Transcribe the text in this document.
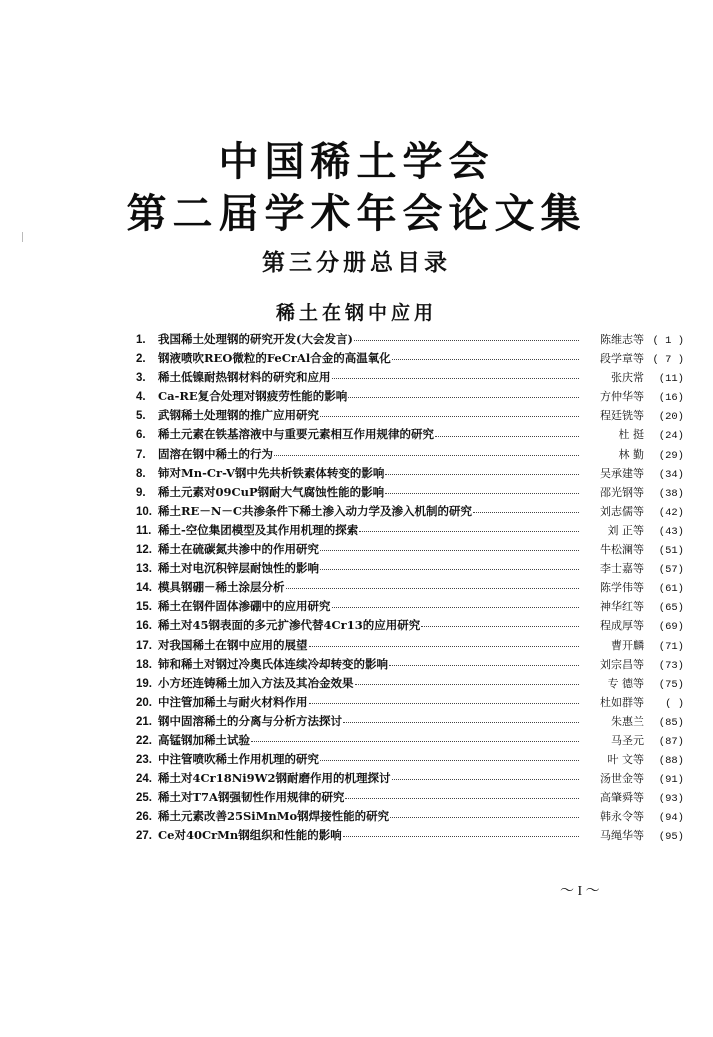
中国稀土学会
第二届学术年会论文集
第三分册总目录
稀土在钢中应用
1.	我国稀土处理钢的研究开发(大会发言)	陈维志等 ( 1 )
2.	钢液喷吹REO微粒的FeCrAl合金的高温氧化	段学章等 ( 7 )
3.	稀土低镍耐热钢材料的研究和应用	张庆常	(11)
4.	Ca-RE复合处理对钢疲劳性能的影响	方仲华等	(16)
5.	武钢稀土处理钢的推广应用研究	程廷铣等	(20)
6.	稀土元素在铁基溶液中与重要元素相互作用规律的研究	杜 挺	(24)
7.	固溶在钢中稀土的行为	林 勤	(29)
8.	铈对Mn-Cr-V钢中先共析铁素体转变的影响	吴承建等	(34)
9.	稀土元素对09CuP钢耐大气腐蚀性能的影响	邵光钢等	(38)
10. 稀土RE－N－C共渗条件下稀土渗入动力学及渗入机制的研究	刘志儒等	(42)
11. 稀土-空位集团模型及其作用机理的探索	刘 正等	(43)
12. 稀土在硫碳氮共渗中的作用研究	牛松澜等	(51)
13. 稀土对电沉积锌层耐蚀性的影响	李士嘉等	(57)
14. 模具钢硼－稀土涂层分析	陈学伟等	(61)
15. 稀土在钢件固体渗硼中的应用研究	神华红等	(65)
16. 稀土对45钢表面的多元扩渗代替4Cr13的应用研究	程成厚等	(69)
17. 对我国稀土在钢中应用的展望	曹开麟	(71)
18. 铈和稀土对钢过冷奥氏体连续冷却转变的影响	刘宗昌等	(73)
19. 小方坯连铸稀土加入方法及其冶金效果	专 德等	(75)
20. 中注管加稀土与耐火材料作用	杜如群等	( )
21. 钢中固溶稀土的分离与分析方法探讨	朱惠兰	(85)
22. 高锰钢加稀土试验	马圣元	(87)
23. 中注管喷吹稀土作用机理的研究	叶 文等	(88)
24. 稀土对4Cr18Ni9W2钢耐磨作用的机理探讨	汤世金等	(91)
25. 稀土对T7A钢强韧性作用规律的研究	高肇舜等	(93)
26. 稀土元素改善25SiMnMo钢焊接性能的研究	韩永令等	(94)
27. Ce对40CrMn钢组织和性能的影响	马绳华等	(95)
～ I ～
